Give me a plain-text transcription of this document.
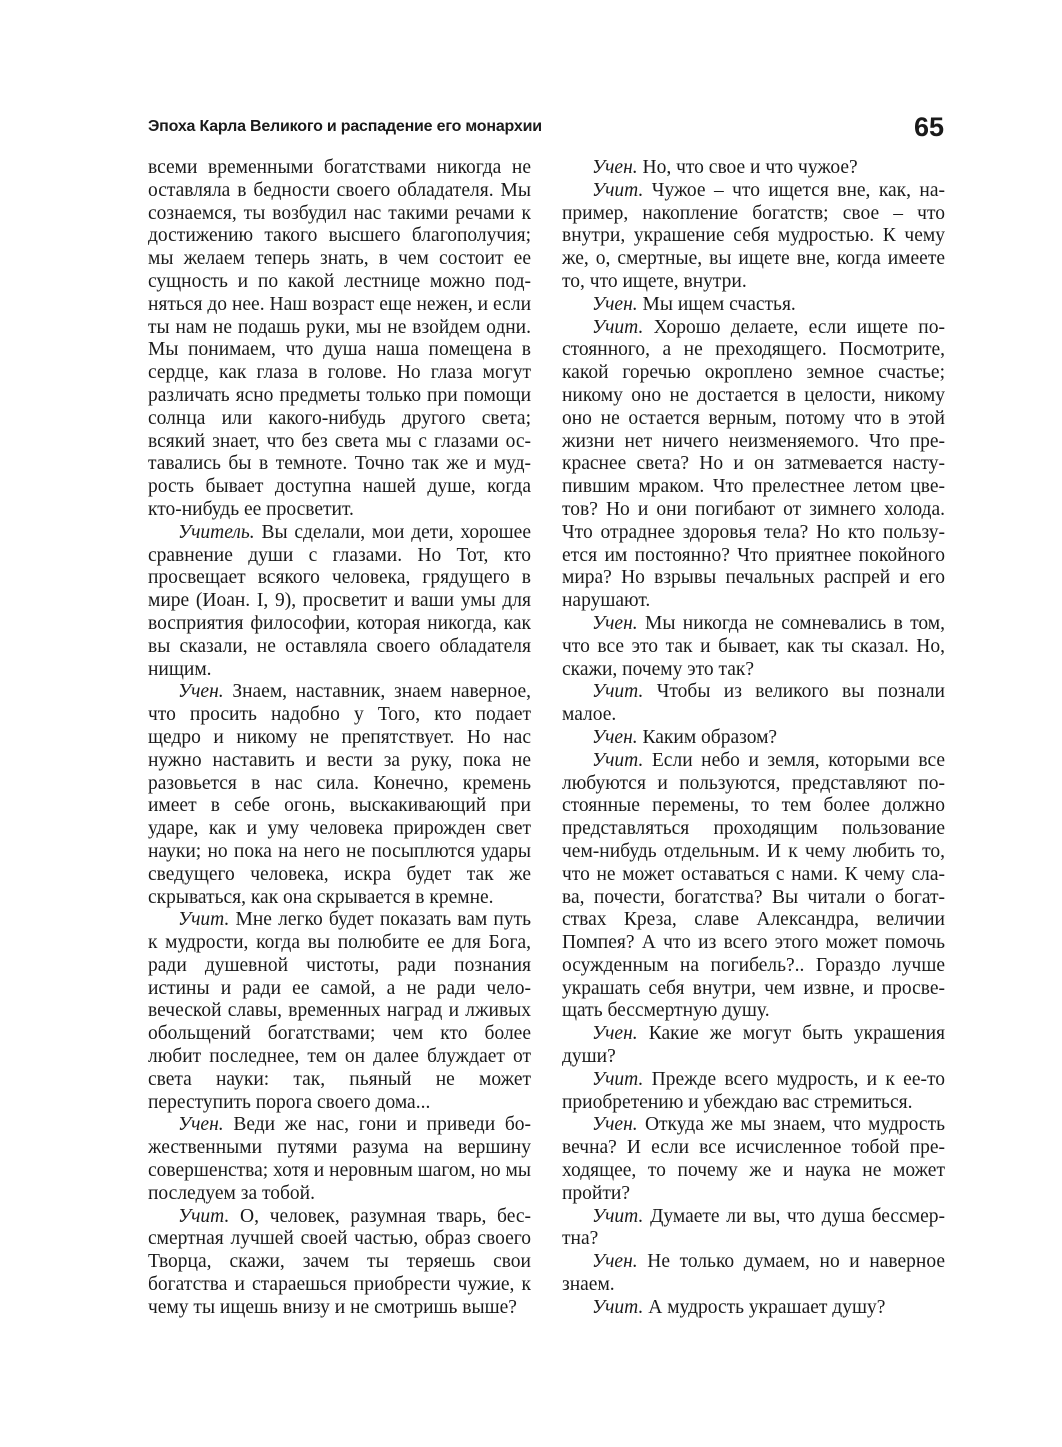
Эпоха Карла Великого и распадение его монархии	65

всеми временными богатствами никогда не оставляла в бедности своего обладателя. Мы сознаемся, ты возбудил нас такими речами к достижению такого высшего благополучия; мы желаем теперь знать, в чем состоит ее сущность и по какой лестнице можно подняться до нее. Наш возраст еще нежен, и если ты нам не подашь руки, мы не взойдем одни. Мы понимаем, что душа наша помещена в сердце, как глаза в голове. Но глаза могут различать ясно предметы только при помощи солнца или какого-нибудь другого света; всякий знает, что без света мы с глазами оставались бы в темноте. Точно так же и мудрость бывает доступна нашей душе, когда кто-нибудь ее просветит.

Учитель. Вы сделали, мои дети, хорошее сравнение души с глазами. Но Тот, кто просвещает всякого человека, грядущего в мире (Иоан. I, 9), просветит и ваши умы для восприятия философии, которая никогда, как вы сказали, не оставляла своего обладателя нищим.

Учен. Знаем, наставник, знаем наверное, что просить надобно у Того, кто подает щедро и никому не препятствует. Но нас нужно наставить и вести за руку, пока не разовьется в нас сила. Конечно, кремень имеет в себе огонь, выскакивающий при ударе, как и уму человека прирожден свет науки; но пока на него не посыплются удары сведущего человека, искра будет так же скрываться, как она скрывается в кремне.

Учит. Мне легко будет показать вам путь к мудрости, когда вы полюбите ее для Бога, ради душевной чистоты, ради познания истины и ради ее самой, а не ради человеческой славы, временных наград и лживых обольщений богатствами; чем кто более любит последнее, тем он далее блуждает от света науки: так, пьяный не может переступить порога своего дома...

Учен. Веди же нас, гони и приведи божественными путями разума на вершину совершенства; хотя и неровным шагом, но мы последуем за тобой.

Учит. О, человек, разумная тварь, бессмертная лучшей своей частью, образ своего Творца, скажи, зачем ты теряешь свои богатства и стараешься приобрести чужие, к чему ты ищешь внизу и не смотришь выше?

Учен. Но, что свое и что чужое?

Учит. Чужое – что ищется вне, как, например, накопление богатств; свое – что внутри, украшение себя мудростью. К чему же, о, смертные, вы ищете вне, когда имеете то, что ищете, внутри.

Учен. Мы ищем счастья.

Учит. Хорошо делаете, если ищете постоянного, а не преходящего. Посмотрите, какой горечью окроплено земное счастье; никому оно не достается в целости, никому оно не остается верным, потому что в этой жизни нет ничего неизменяемого. Что прекраснее света? Но и он затмевается наступившим мраком. Что прелестнее летом цветов? Но и они погибают от зимнего холода. Что отраднее здоровья тела? Но кто пользуется им постоянно? Что приятнее покойного мира? Но взрывы печальных распрей и его нарушают.

Учен. Мы никогда не сомневались в том, что все это так и бывает, как ты сказал. Но, скажи, почему это так?

Учит. Чтобы из великого вы познали малое.

Учен. Каким образом?

Учит. Если небо и земля, которыми все любуются и пользуются, представляют постоянные перемены, то тем более должно представляться проходящим пользование чем-нибудь отдельным. И к чему любить то, что не может оставаться с нами. К чему слава, почести, богатства? Вы читали о богатствах Креза, славе Александра, величии Помпея? А что из всего этого может помочь осужденным на погибель?.. Гораздо лучше украшать себя внутри, чем извне, и просвещать бессмертную душу.

Учен. Какие же могут быть украшения души?

Учит. Прежде всего мудрость, и к ее-то приобретению и убеждаю вас стремиться.

Учен. Откуда же мы знаем, что мудрость вечна? И если все исчисленное тобой преходящее, то почему же и наука не может пройти?

Учит. Думаете ли вы, что душа бессмертна?

Учен. Не только думаем, но и наверное знаем.

Учит. А мудрость украшает душу?
